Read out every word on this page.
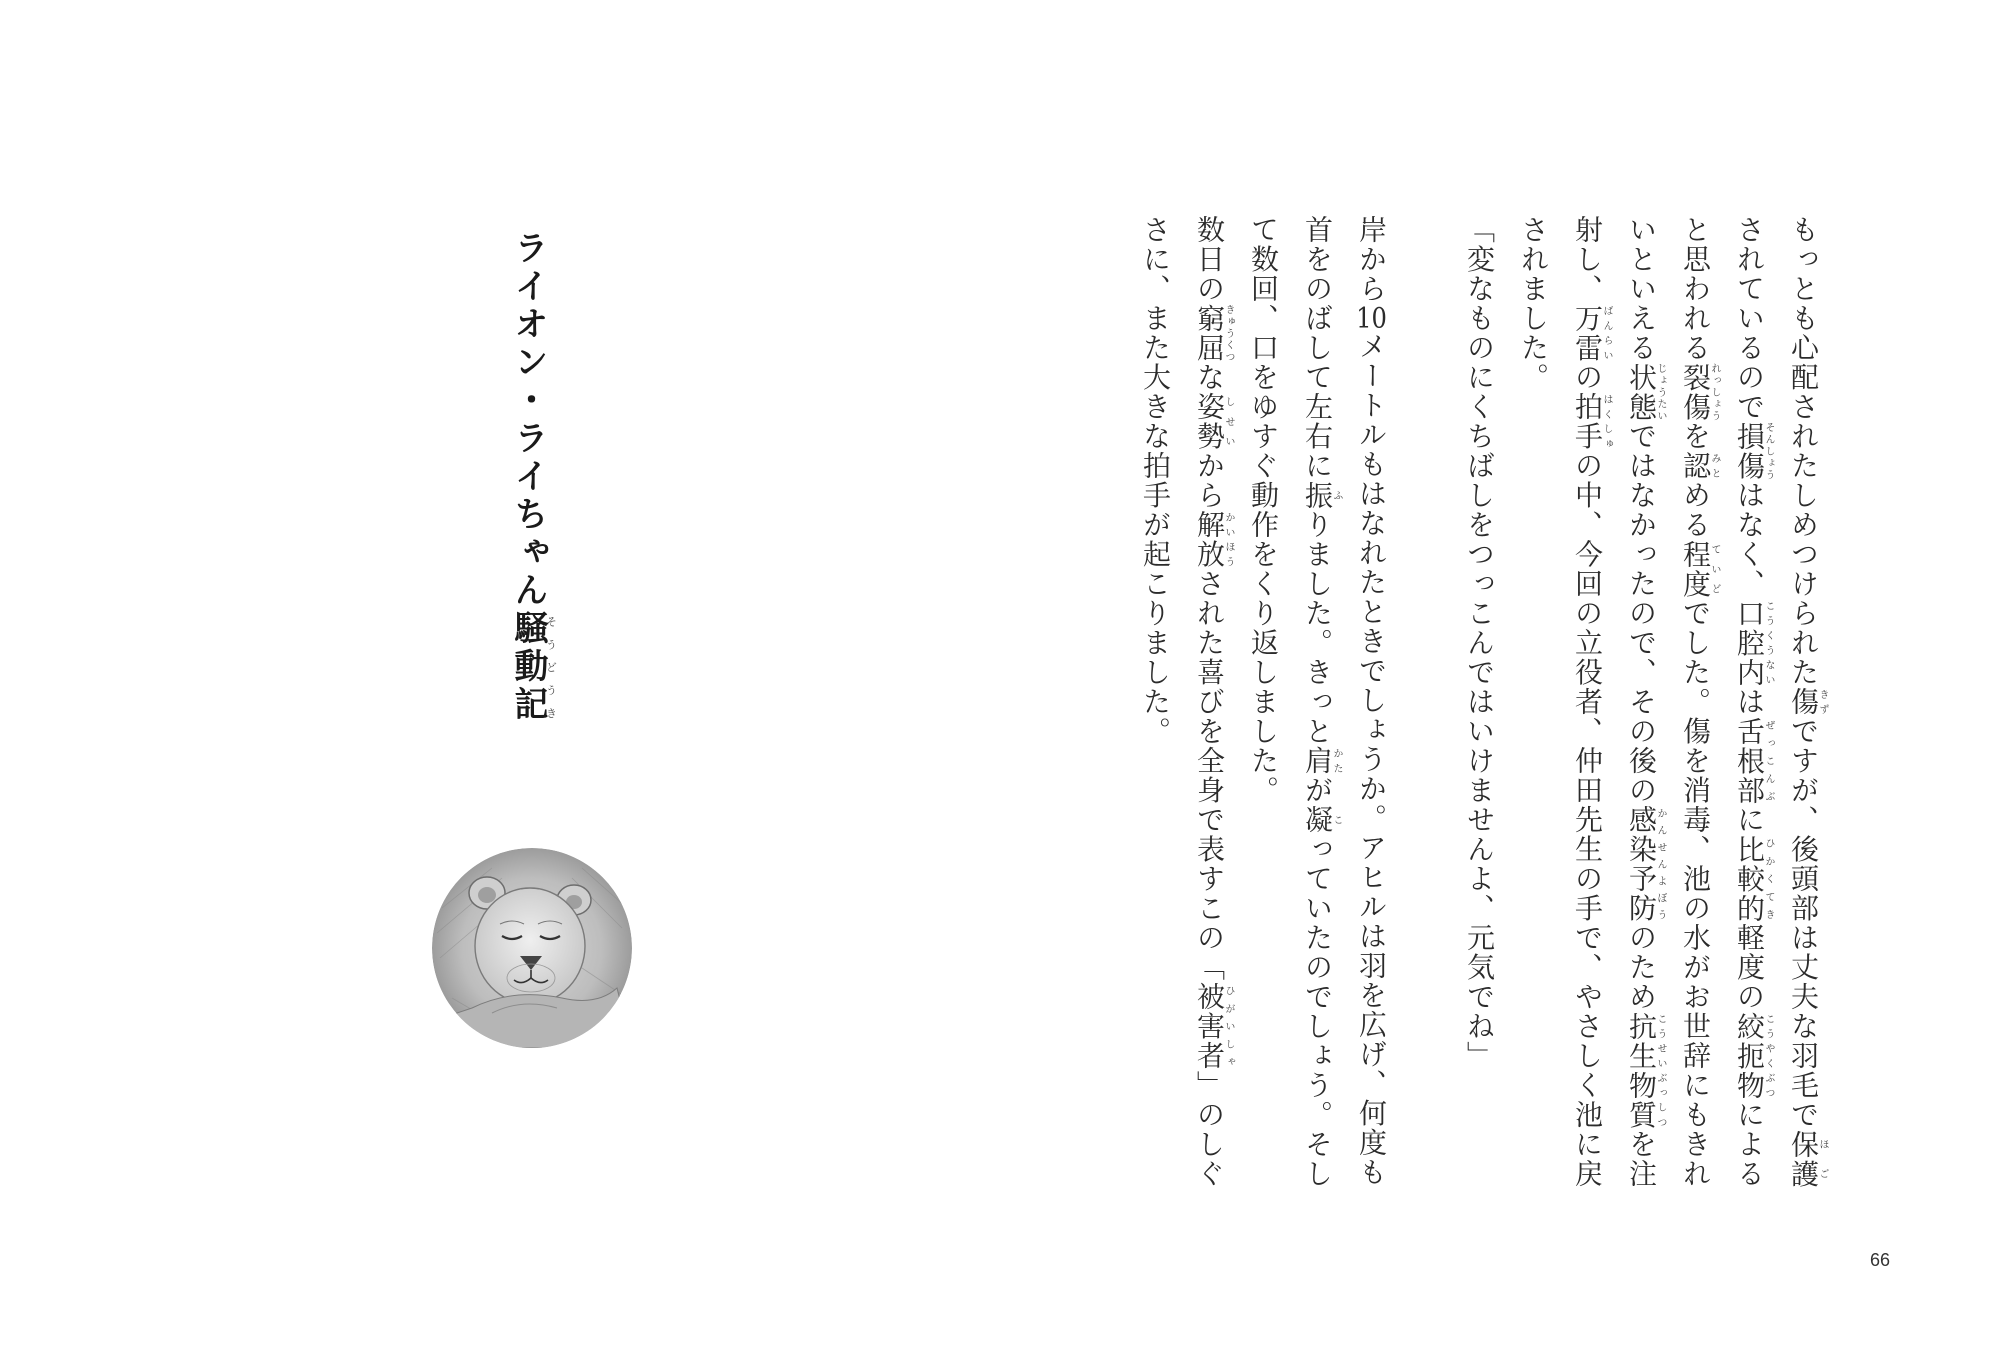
ライオン・ライちゃん騒動記そうどうき	もっとも心配されたしめつけられた傷きずですが、後頭部は丈夫な羽毛で保護ほごされているので損傷そんしょうはなく、口腔内こうくうないは舌根部ぜっこんぶに比較的ひかくてき軽度の絞扼物こうやくぶつによると思われる裂傷れっしょうを認みとめる程度ていどでした。傷を消毒、池の水がお世辞にもきれいといえる状態じょうたいではなかったので、その後の感染予防かんせんよぼうのため抗生物質こうせいぶっしつを注射し、万雷ばんらいの拍手はくしゅの中、今回の立役者、仲田先生の手で、やさしく池に戻されました。

「変なものにくちばしをつっこんではいけませんよ、元気でね」

岸から10メートルもはなれたときでしょうか。アヒルは羽を広げ、何度も首をのばして左右に振ふりました。きっと肩かたが凝こっていたのでしょう。そして数回、口をゆすぐ動作をくり返しました。

数日の窮屈きゅうくつな姿勢しせいから解放かいほうされた喜びを全身で表すこの「被害者ひがいしゃ」のしぐさに、また大きな拍手が起こりました。

66
